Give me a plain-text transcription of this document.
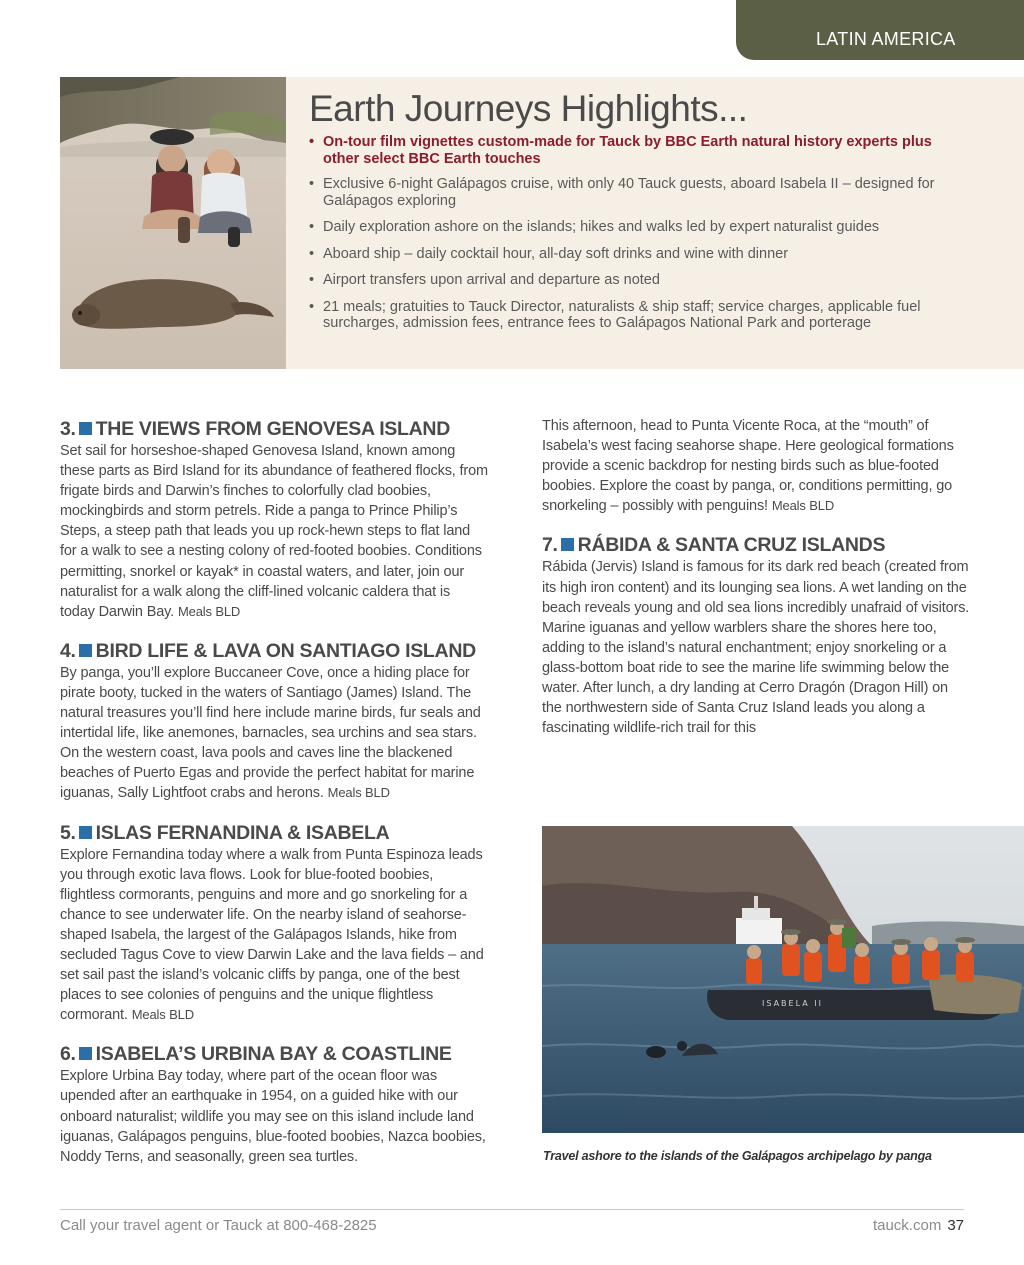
LATIN AMERICA
Earth Journeys Highlights...
• On-tour film vignettes custom-made for Tauck by BBC Earth natural history experts plus other select BBC Earth touches
• Exclusive 6-night Galápagos cruise, with only 40 Tauck guests, aboard Isabela II – designed for Galápagos exploring
• Daily exploration ashore on the islands; hikes and walks led by expert naturalist guides
• Aboard ship – daily cocktail hour, all-day soft drinks and wine with dinner
• Airport transfers upon arrival and departure as noted
• 21 meals; gratuities to Tauck Director, naturalists & ship staff; service charges, applicable fuel surcharges, admission fees, entrance fees to Galápagos National Park and porterage
3. THE VIEWS FROM GENOVESA ISLAND

Set sail for horseshoe-shaped Genovesa Island, known among these parts as Bird Island for its abundance of feathered flocks, from frigate birds and Darwin’s finches to colorfully clad boobies, mockingbirds and storm petrels. Ride a panga to Prince Philip’s Steps, a steep path that leads you up rock-hewn steps to flat land for a walk to see a nesting colony of red-footed boobies. Conditions permitting, snorkel or kayak* in coastal waters, and later, join our naturalist for a walk along the cliff-lined volcanic caldera that is today Darwin Bay. Meals BLD

4. BIRD LIFE & LAVA ON SANTIAGO ISLAND

By panga, you’ll explore Buccaneer Cove, once a hiding place for pirate booty, tucked in the waters of Santiago (James) Island. The natural treasures you’ll find here include marine birds, fur seals and intertidal life, like anemones, barnacles, sea urchins and sea stars. On the western coast, lava pools and caves line the blackened beaches of Puerto Egas and provide the perfect habitat for marine iguanas, Sally Lightfoot crabs and herons. Meals BLD

5. ISLAS FERNANDINA & ISABELA

Explore Fernandina today where a walk from Punta Espinoza leads you through exotic lava flows. Look for blue-footed boobies, flightless cormorants, penguins and more and go snorkeling for a chance to see underwater life. On the nearby island of seahorse-shaped Isabela, the largest of the Galápagos Islands, hike from secluded Tagus Cove to view Darwin Lake and the lava fields – and set sail past the island’s volcanic cliffs by panga, one of the best places to see colonies of penguins and the unique flightless cormorant. Meals BLD

6. ISABELA’S URBINA BAY & COASTLINE

Explore Urbina Bay today, where part of the ocean floor was upended after an earthquake in 1954, on a guided hike with our onboard naturalist; wildlife you may see on this island include land iguanas, Galápagos penguins, blue-footed boobies, Nazca boobies, Noddy Terns, and seasonally, green sea turtles.

This afternoon, head to Punta Vicente Roca, at the “mouth” of Isabela’s west facing seahorse shape. Here geological formations provide a scenic backdrop for nesting birds such as blue-footed boobies. Explore the coast by panga, or, conditions permitting, go snorkeling – possibly with penguins! Meals BLD

7. RÁBIDA & SANTA CRUZ ISLANDS

Rábida (Jervis) Island is famous for its dark red beach (created from its high iron content) and its lounging sea lions. A wet landing on the beach reveals young and old sea lions incredibly unafraid of visitors. Marine iguanas and yellow warblers share the shores here too, adding to the island’s natural enchantment; enjoy snorkeling or a glass-bottom boat ride to see the marine life swimming below the water. After lunch, a dry landing at Cerro Dragón (Dragon Hill) on the northwestern side of Santa Cruz Island leads you along a fascinating wildlife-rich trail for this

ISABELA II
Travel ashore to the islands of the Galápagos archipelago by panga
Call your travel agent or Tauck at 800-468-2825	tauck.com 37
